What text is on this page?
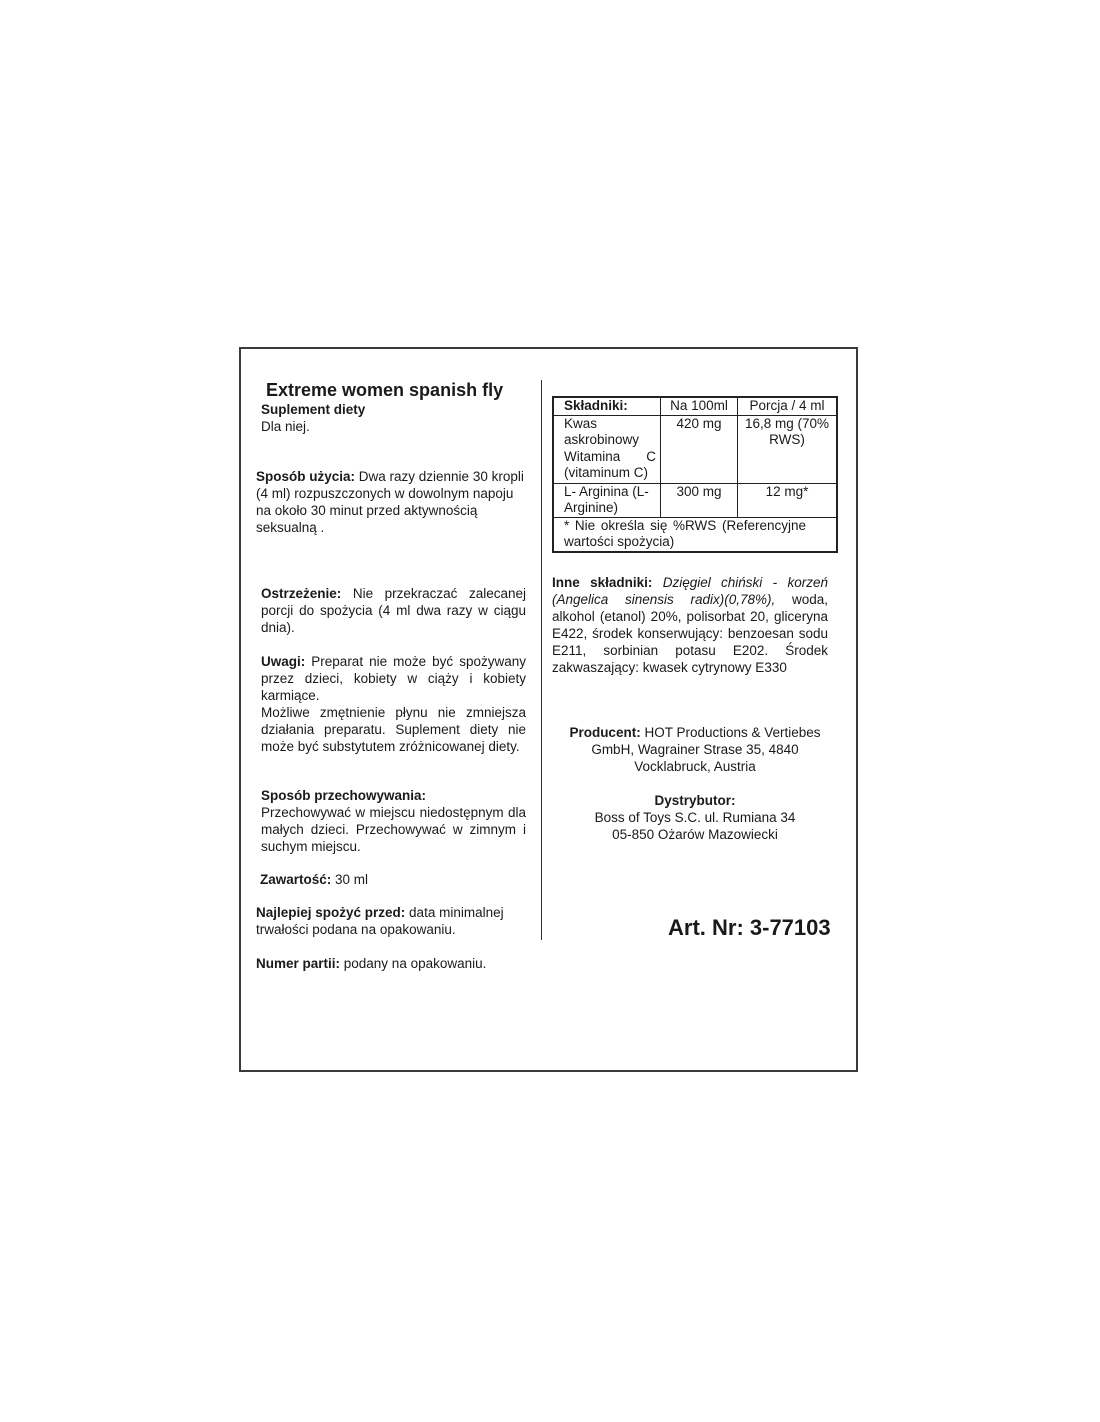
Extreme women spanish fly
Suplement diety
Dla niej.
Sposób użycia: Dwa razy dziennie 30 kropli (4 ml) rozpuszczonych w dowolnym napoju na około 30 minut przed aktywnością seksualną .
Ostrzeżenie: Nie przekraczać zalecanej porcji do spożycia (4 ml dwa razy w ciągu dnia).
Uwagi: Preparat nie może być spożywany przez dzieci, kobiety w ciąży i kobiety karmiące.
Możliwe zmętnienie płynu nie zmniejsza działania preparatu. Suplement diety nie może być substytutem zróżnicowanej diety.
Sposób przechowywania:
Przechowywać w miejscu niedostępnym dla małych dzieci. Przechowywać w zimnym i suchym miejscu.
Zawartość: 30 ml
Najlepiej spożyć przed: data minimalnej trwałości podana na opakowaniu.
Numer partii: podany na opakowaniu.
Składniki:	Na 100ml	Porcja / 4 ml
Kwas askrobinowy Witamina C (vitaminum C)	420 mg	16,8 mg (70% RWS)
L- Arginina (L-Arginine)	300 mg	12 mg*
* Nie określa się %RWS (Referencyjne wartości spożycia)		
Inne składniki: Dzięgiel chiński - korzeń (Angelica sinensis radix)(0,78%), woda, alkohol (etanol) 20%, polisorbat 20, gliceryna E422, środek konserwujący: benzoesan sodu E211, sorbinian potasu E202. Środek zakwaszający: kwasek cytrynowy E330
Producent: HOT Productions & Vertiebes GmbH, Wagrainer Strase 35, 4840 Vocklabruck, Austria
Dystrybutor:
Boss of Toys S.C. ul. Rumiana 34
05-850 Ożarów Mazowiecki
Art. Nr: 3-77103
